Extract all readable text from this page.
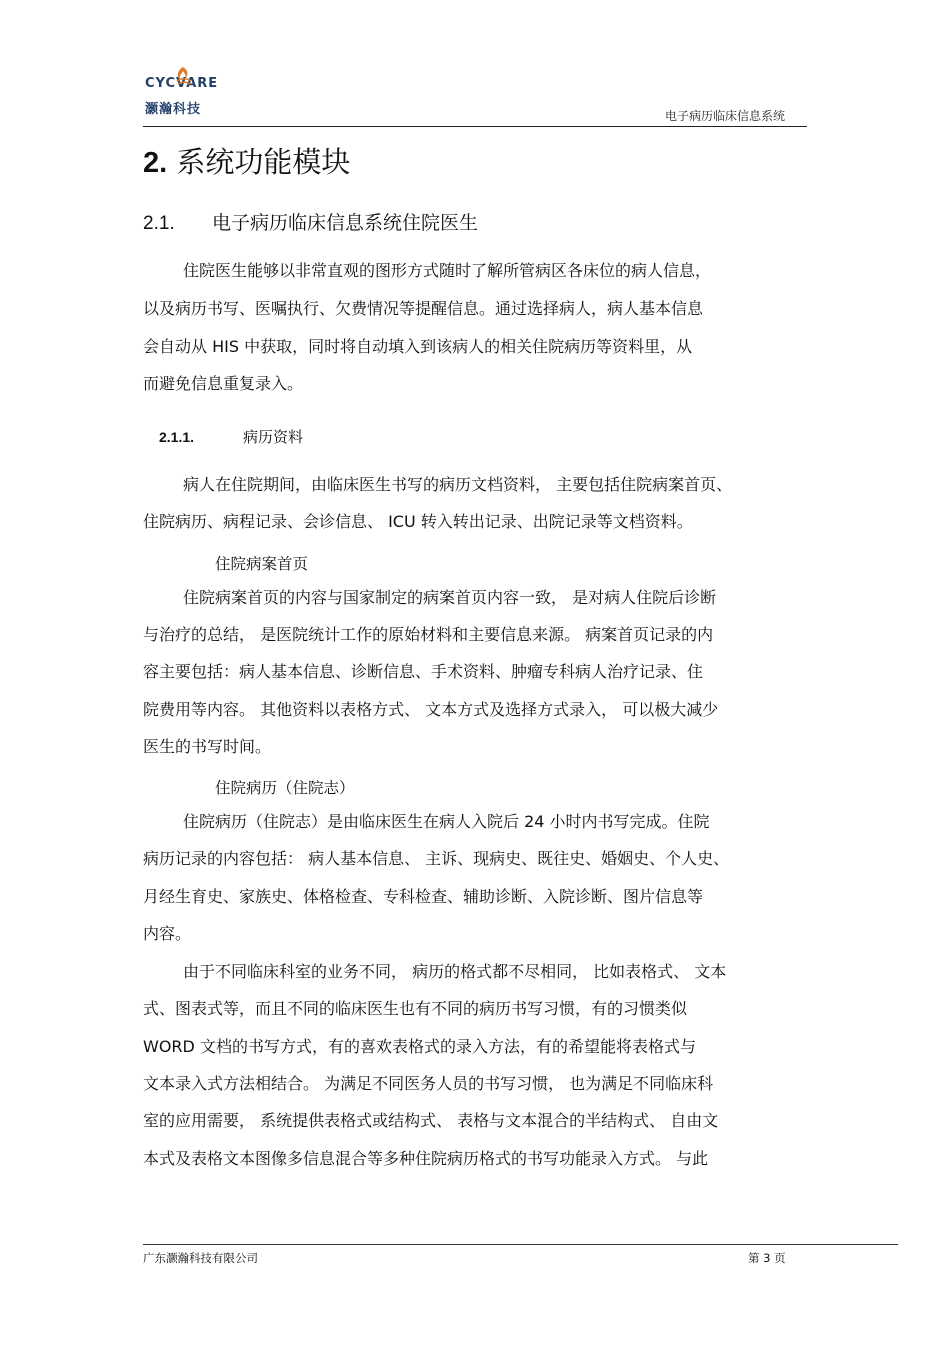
CYCVARE
灏瀚科技	电子病历临床信息系统
2. 系统功能模块
2.1. 电子病历临床信息系统住院医生
住院医生能够以非常直观的图形方式随时了解所管病区各床位的病人信息，
以及病历书写、医嘱执行、欠费情况等提醒信息。通过选择病人，病人基本信息
会自动从 HIS 中获取，同时将自动填入到该病人的相关住院病历等资料里，从
而避免信息重复录入。
2.1.1.	病历资料
病人在住院期间，由临床医生书写的病历文档资料， 主要包括住院病案首页、
住院病历、病程记录、会诊信息、 ICU 转入转出记录、出院记录等文档资料。
住院病案首页
住院病案首页的内容与国家制定的病案首页内容一致， 是对病人住院后诊断
与治疗的总结， 是医院统计工作的原始材料和主要信息来源。 病案首页记录的内
容主要包括：病人基本信息、诊断信息、手术资料、肿瘤专科病人治疗记录、住
院费用等内容。 其他资料以表格方式、 文本方式及选择方式录入， 可以极大减少
医生的书写时间。
住院病历（住院志）
住院病历（住院志）是由临床医生在病人入院后 24 小时内书写完成。住院
病历记录的内容包括： 病人基本信息、 主诉、现病史、既往史、婚姻史、个人史、
月经生育史、家族史、体格检查、专科检查、辅助诊断、入院诊断、图片信息等
内容。
由于不同临床科室的业务不同， 病历的格式都不尽相同， 比如表格式、 文本
式、图表式等，而且不同的临床医生也有不同的病历书写习惯，有的习惯类似
WORD 文档的书写方式，有的喜欢表格式的录入方法，有的希望能将表格式与
文本录入式方法相结合。 为满足不同医务人员的书写习惯， 也为满足不同临床科
室的应用需要， 系统提供表格式或结构式、 表格与文本混合的半结构式、 自由文
本式及表格文本图像多信息混合等多种住院病历格式的书写功能录入方式。 与此
广东灏瀚科技有限公司	第 3 页
